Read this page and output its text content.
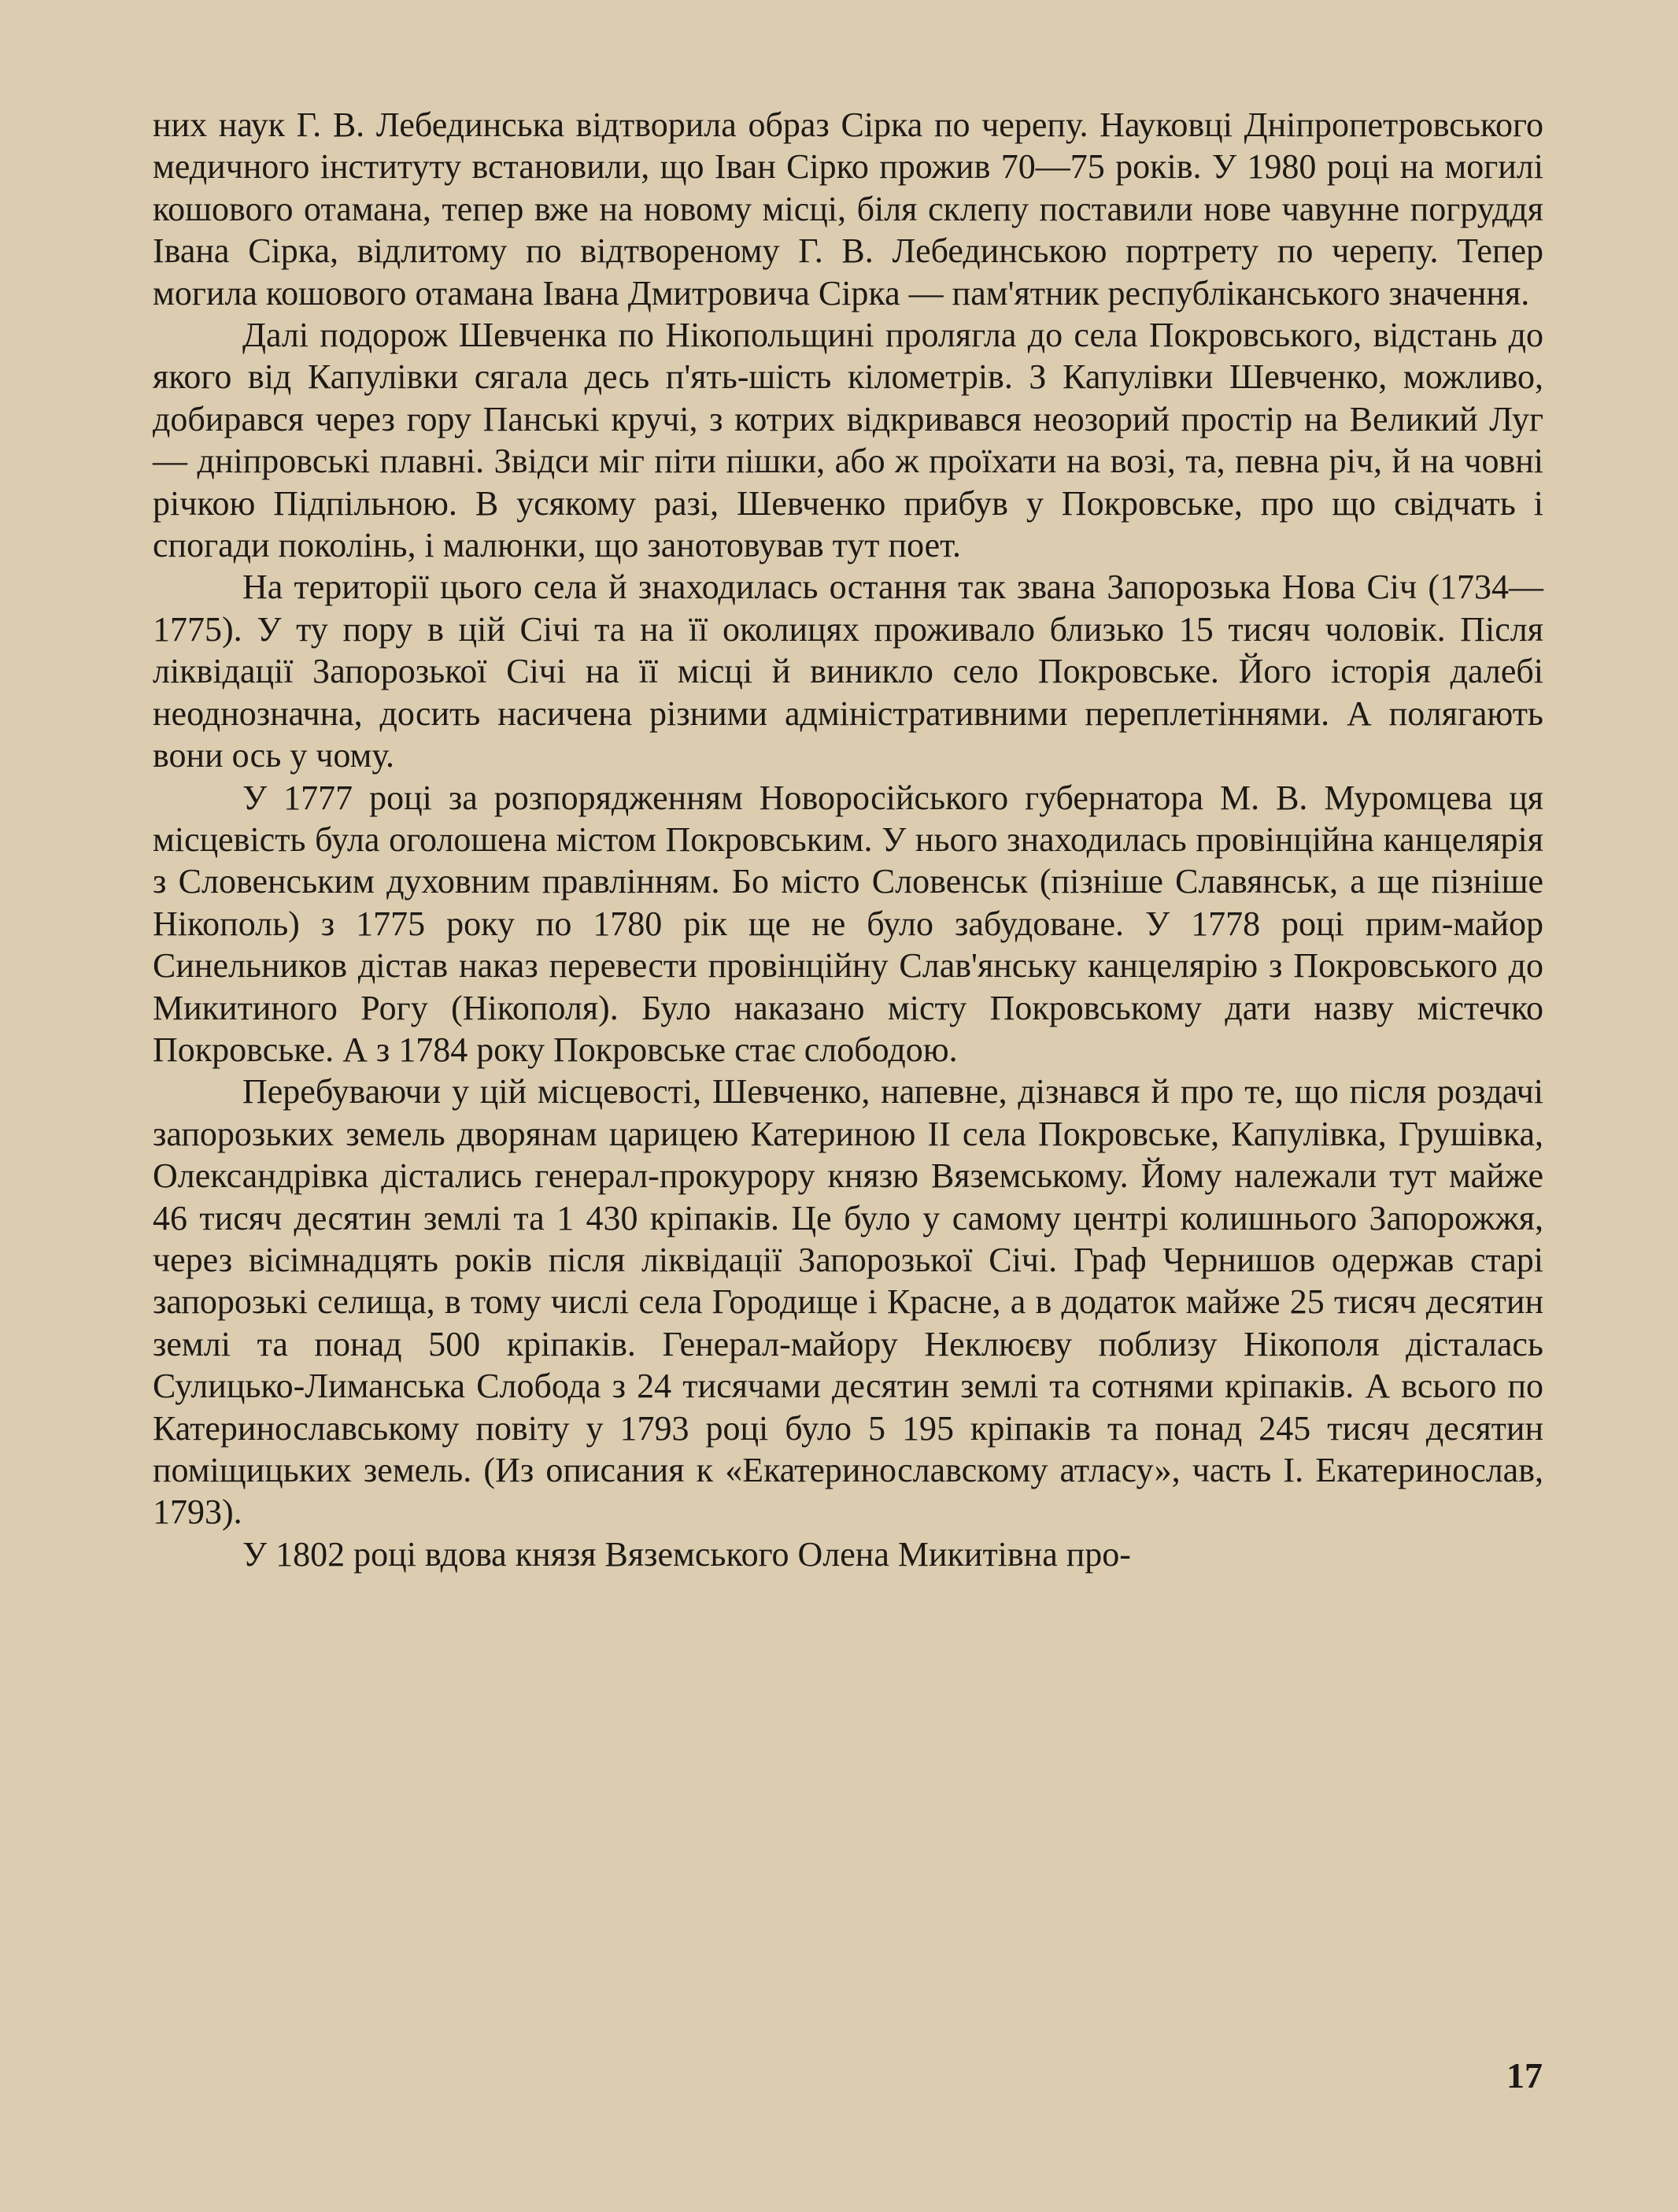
них наук Г. В. Лебединська відтворила образ Сірка по черепу. Науковці Дніпропетровського медичного інституту встановили, що Іван Сірко прожив 70—75 років. У 1980 році на могилі кошового отамана, тепер вже на новому місці, біля склепу поставили нове чавунне погруддя Івана Сірка, відлитому по відтвореному Г. В. Лебединською портрету по черепу. Тепер могила кошового отамана Івана Дмитровича Сірка — пам'ятник республіканського значення.

Далі подорож Шевченка по Нікопольщині пролягла до села Покровського, відстань до якого від Капулівки сягала десь п'ять-шість кілометрів. З Капулівки Шевченко, можливо, добирався через гору Панські кручі, з котрих відкривався неозорий простір на Великий Луг — дніпровські плавні. Звідси міг піти пішки, або ж проїхати на возі, та, певна річ, й на човні річкою Підпільною. В усякому разі, Шевченко прибув у Покровське, про що свідчать і спогади поколінь, і малюнки, що занотовував тут поет.

На території цього села й знаходилась остання так звана Запорозька Нова Січ (1734—1775). У ту пору в цій Січі та на її околицях проживало близько 15 тисяч чоловік. Після ліквідації Запорозької Січі на її місці й виникло село Покровське. Його історія далебі неоднозначна, досить насичена різними адміністративними переплетіннями. А полягають вони ось у чому.

У 1777 році за розпорядженням Новоросійського губернатора М. В. Муромцева ця місцевість була оголошена містом Покровським. У нього знаходилась провінційна канцелярія з Словенським духовним правлінням. Бо місто Словенськ (пізніше Славянськ, а ще пізніше Нікополь) з 1775 року по 1780 рік ще не було забудоване. У 1778 році прим-майор Синельников дістав наказ перевести провінційну Слав'янську канцелярію з Покровського до Микитиного Рогу (Нікополя). Було наказано місту Покровському дати назву містечко Покровське. А з 1784 року Покровське стає слободою.

Перебуваючи у цій місцевості, Шевченко, напевне, дізнався й про те, що після роздачі запорозьких земель дворянам царицею Катериною II села Покровське, Капулівка, Грушівка, Олександрівка дістались генерал-прокурору князю Вяземському. Йому належали тут майже 46 тисяч десятин землі та 1 430 кріпаків. Це було у самому центрі колишнього Запорожжя, через вісімнадцять років після ліквідації Запорозької Січі. Граф Чернишов одержав старі запорозькі селища, в тому числі села Городище і Красне, а в додаток майже 25 тисяч десятин землі та понад 500 кріпаків. Генерал-майору Неклюєву поблизу Нікополя дісталась Сулицько-Лиманська Слобода з 24 тисячами десятин землі та сотнями кріпаків. А всього по Катеринославському повіту у 1793 році було 5 195 кріпаків та понад 245 тисяч десятин поміщицьких земель. (Из описания к «Екатеринославскому атласу», часть I. Екатеринослав, 1793).

У 1802 році вдова князя Вяземського Олена Микитівна про-

17
